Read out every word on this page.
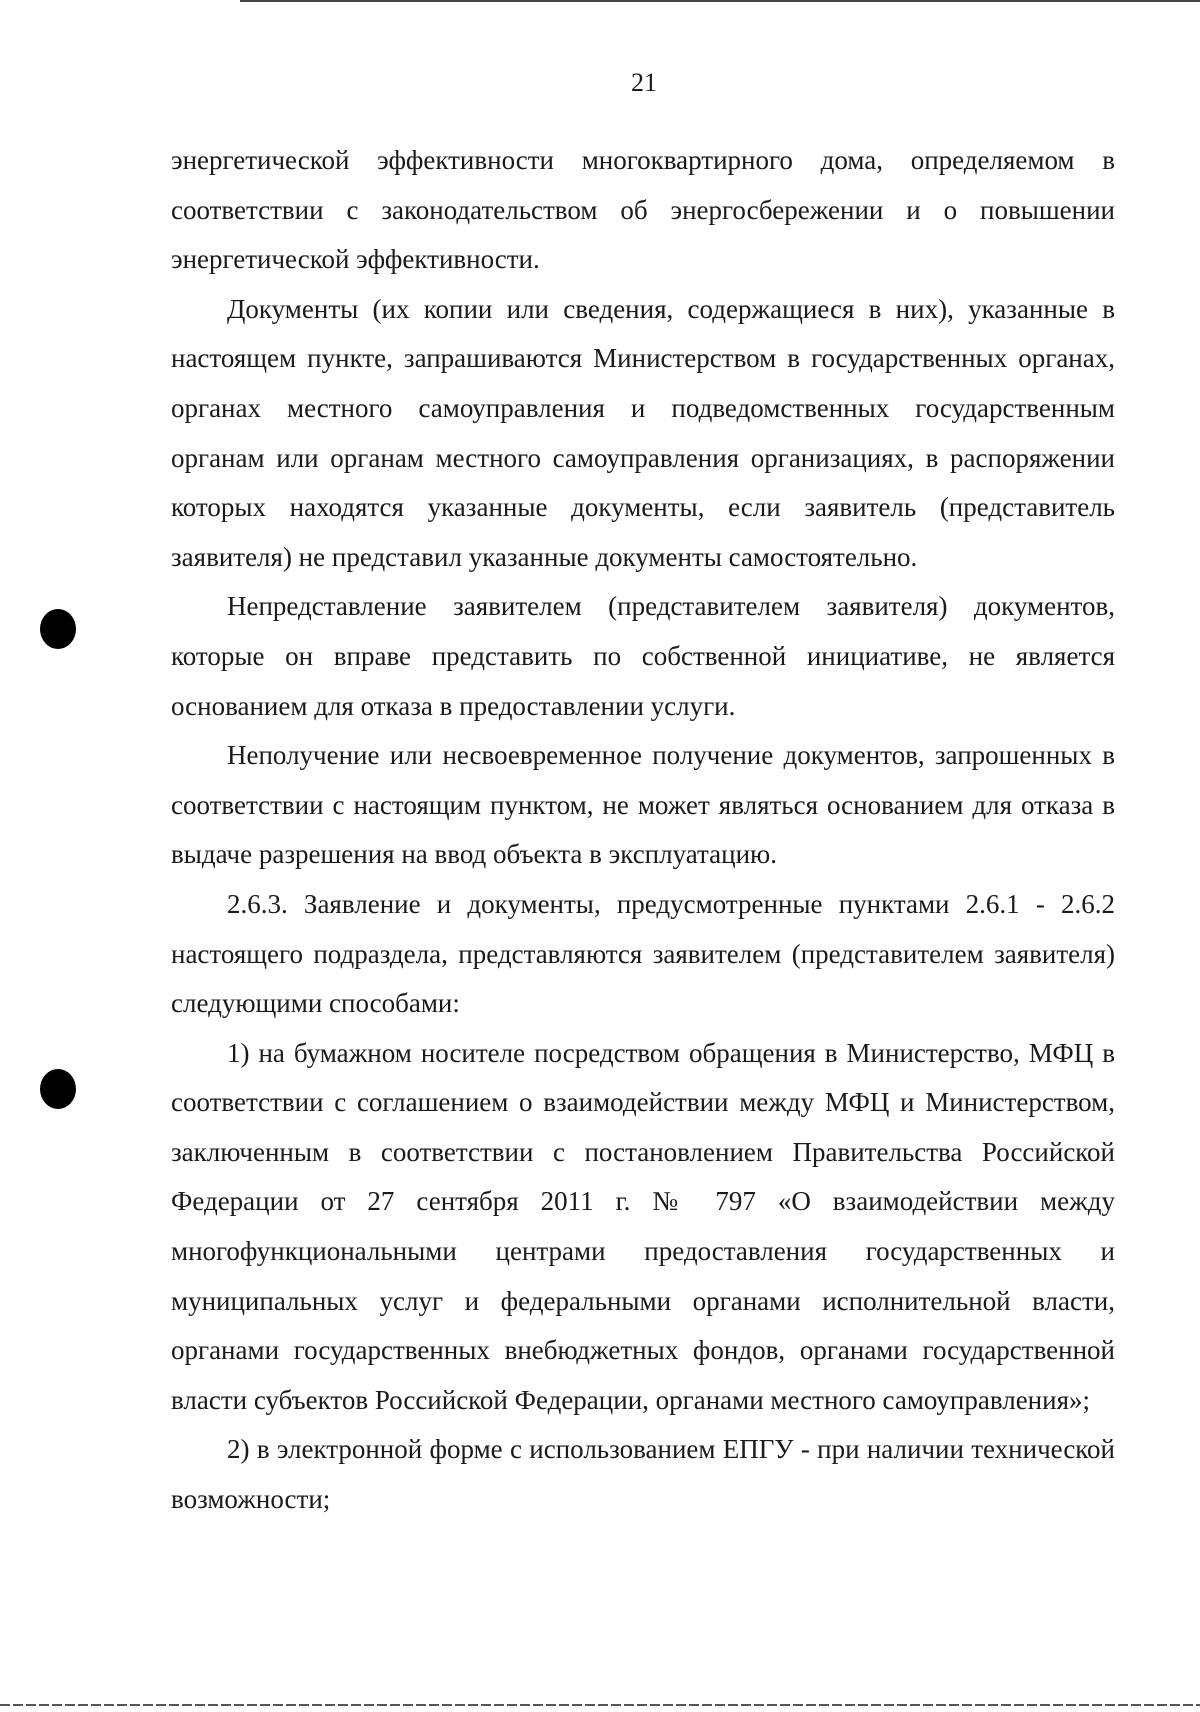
21

энергетической эффективности многоквартирного дома, определяемом в соответствии с законодательством об энергосбережении и о повышении энергетической эффективности.

Документы (их копии или сведения, содержащиеся в них), указанные в настоящем пункте, запрашиваются Министерством в государственных органах, органах местного самоуправления и подведомственных государственным органам или органам местного самоуправления организациях, в распоряжении которых находятся указанные документы, если заявитель (представитель заявителя) не представил указанные документы самостоятельно.

Непредставление заявителем (представителем заявителя) документов, которые он вправе представить по собственной инициативе, не является основанием для отказа в предоставлении услуги.

Неполучение или несвоевременное получение документов, запрошенных в соответствии с настоящим пунктом, не может являться основанием для отказа в выдаче разрешения на ввод объекта в эксплуатацию.

2.6.3. Заявление и документы, предусмотренные пунктами 2.6.1 - 2.6.2 настоящего подраздела, представляются заявителем (представителем заявителя) следующими способами:

1) на бумажном носителе посредством обращения в Министерство, МФЦ в соответствии с соглашением о взаимодействии между МФЦ и Министерством, заключенным в соответствии с постановлением Правительства Российской Федерации от 27 сентября 2011 г. № 797 «О взаимодействии между многофункциональными центрами предоставления государственных и муниципальных услуг и федеральными органами исполнительной власти, органами государственных внебюджетных фондов, органами государственной власти субъектов Российской Федерации, органами местного самоуправления»;

2) в электронной форме с использованием ЕПГУ - при наличии технической возможности;
